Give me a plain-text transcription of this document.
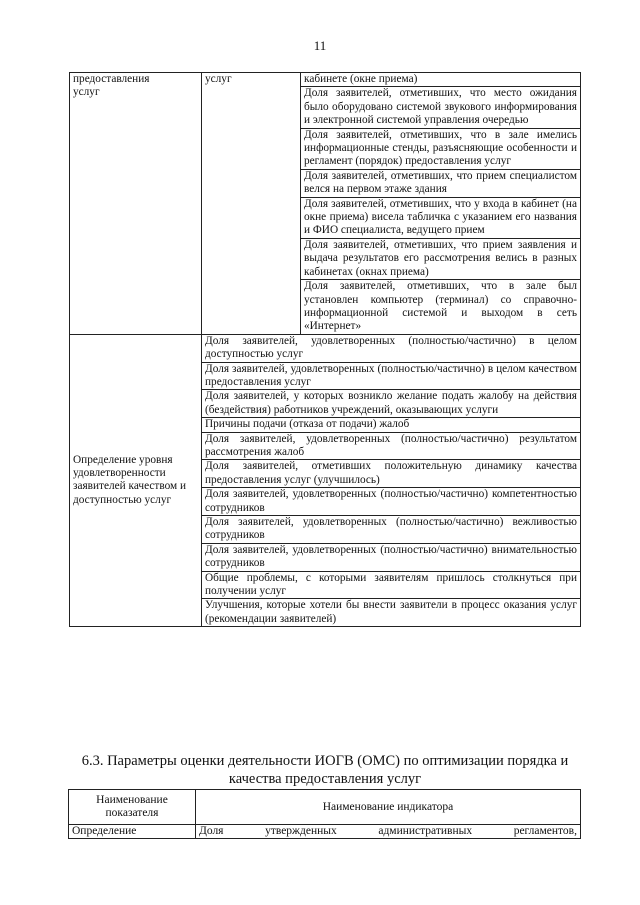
11
предоставления услуг	услуг	кабинете (окне приема)
		Доля заявителей, отметивших, что место ожидания было оборудовано системой звукового информирования и электронной системой управления очередью
		Доля заявителей, отметивших, что в зале имелись информационные стенды, разъясняющие особенности и регламент (порядок) предоставления услуг
		Доля заявителей, отметивших, что прием специалистом велся на первом этаже здания
		Доля заявителей, отметивших, что у входа в кабинет (на окне приема) висела табличка с указанием его названия и ФИО специалиста, ведущего прием
		Доля заявителей, отметивших, что прием заявления и выдача результатов его рассмотрения велись в разных кабинетах (окнах приема)
		Доля заявителей, отметивших, что в зале был установлен компьютер (терминал) со справочно-информационной системой и выходом в сеть «Интернет»

Определение уровня удовлетворенности заявителей качеством и доступностью услуг	Доля заявителей, удовлетворенных (полностью/частично) в целом доступностью услуг	
	Доля заявителей, удовлетворенных (полностью/частично) в целом качеством предоставления услуг	
	Доля заявителей, у которых возникло желание подать жалобу на действия (бездействия) работников учреждений, оказывающих услуги	
	Причины подачи (отказа от подачи) жалоб	
	Доля заявителей, удовлетворенных (полностью/частично) результатом рассмотрения жалоб	
	Доля заявителей, отметивших положительную динамику качества предоставления услуг (улучшилось)	
	Доля заявителей, удовлетворенных (полностью/частично) компетентностью сотрудников	
	Доля заявителей, удовлетворенных (полностью/частично) вежливостью сотрудников	
	Доля заявителей, удовлетворенных (полностью/частично) внимательностью сотрудников	
	Общие проблемы, с которыми заявителям пришлось столкнуться при получении услуг	
	Улучшения, которые хотели бы внести заявители в процесс оказания услуг (рекомендации заявителей)	
6.3. Параметры оценки деятельности ИОГВ (ОМС) по оптимизации порядка и качества предоставления услуг
Наименование показателя	Наименование индикатора
Определение	Доля утвержденных административных регламентов,
